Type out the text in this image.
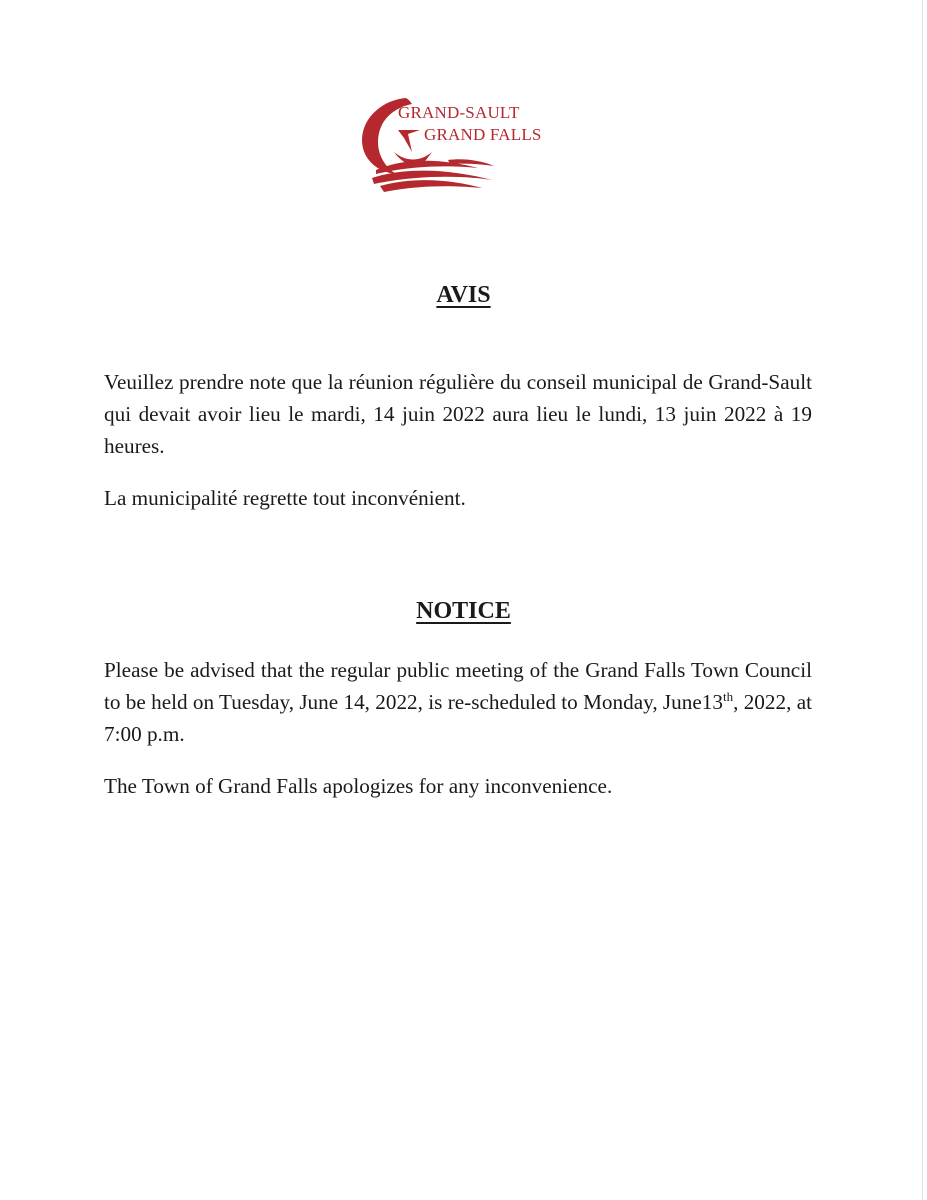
GRAND-SAULT
GRAND FALLS
AVIS

Veuillez prendre note que la réunion régulière du conseil municipal de Grand-Sault qui devait avoir lieu le mardi, 14 juin 2022 aura lieu le lundi, 13 juin 2022 à 19 heures.

La municipalité regrette tout inconvénient.

NOTICE

Please be advised that the regular public meeting of the Grand Falls Town Council to be held on Tuesday, June 14, 2022, is re-scheduled to Monday, June13th, 2022, at 7:00 p.m.

The Town of Grand Falls apologizes for any inconvenience.
